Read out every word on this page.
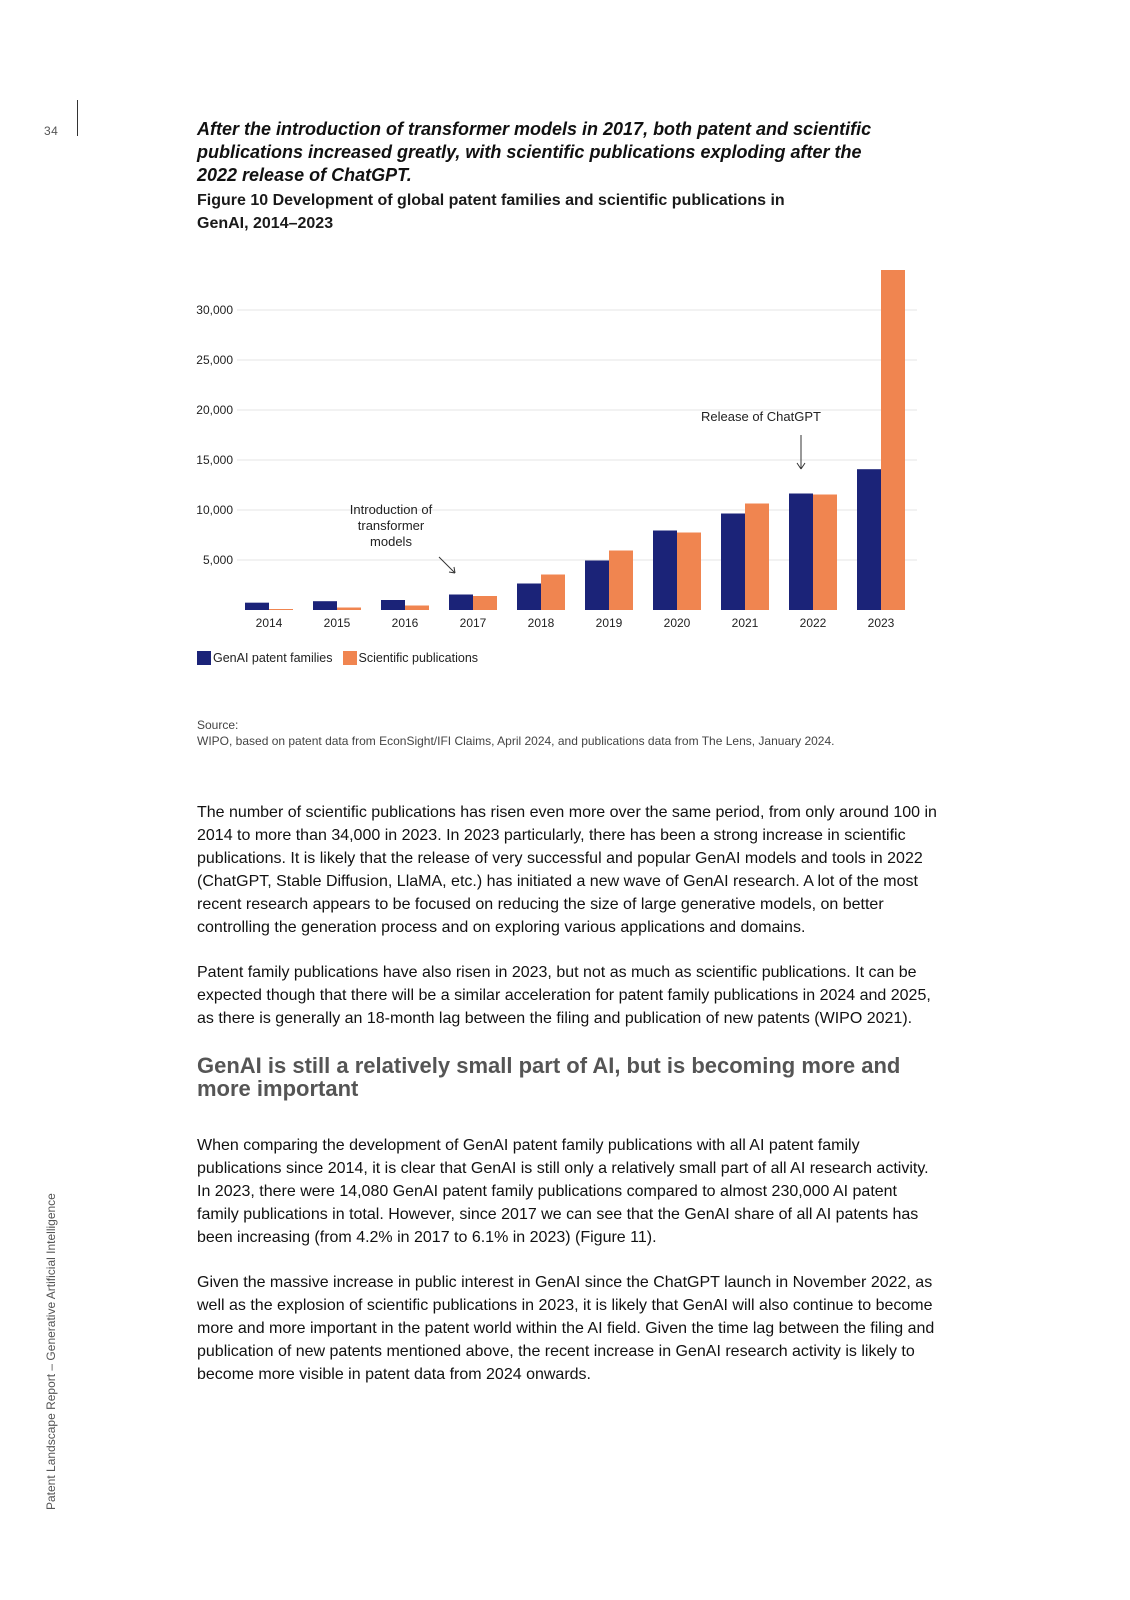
34
Patent Landscape Report – Generative Artificial Intelligence

After the introduction of transformer models in 2017, both patent and scientific publications increased greatly, with scientific publications exploding after the 2022 release of ChatGPT.

Figure 10 Development of global patent families and scientific publications in GenAI, 2014–2023

5,000
10,000
15,000
20,000
25,000
30,000
2014	2015	2016	2017	2018	2019	2020	2021	2022	2023
Introduction of
transformer
models
Release of ChatGPT
GenAI patent families Scientific publications
Source:
WIPO, based on patent data from EconSight/IFI Claims, April 2024, and publications data from The Lens, January 2024.

The number of scientific publications has risen even more over the same period, from only around 100 in 2014 to more than 34,000 in 2023. In 2023 particularly, there has been a strong increase in scientific publications. It is likely that the release of very successful and popular GenAI models and tools in 2022 (ChatGPT, Stable Diffusion, LlaMA, etc.) has initiated a new wave of GenAI research. A lot of the most recent research appears to be focused on reducing the size of large generative models, on better controlling the generation process and on exploring various applications and domains.

Patent family publications have also risen in 2023, but not as much as scientific publications. It can be expected though that there will be a similar acceleration for patent family publications in 2024 and 2025, as there is generally an 18-month lag between the filing and publication of new patents (WIPO 2021).

GenAI is still a relatively small part of AI, but is becoming more and more important

When comparing the development of GenAI patent family publications with all AI patent family publications since 2014, it is clear that GenAI is still only a relatively small part of all AI research activity. In 2023, there were 14,080 GenAI patent family publications compared to almost 230,000 AI patent family publications in total. However, since 2017 we can see that the GenAI share of all AI patents has been increasing (from 4.2% in 2017 to 6.1% in 2023) (Figure 11).

Given the massive increase in public interest in GenAI since the ChatGPT launch in November 2022, as well as the explosion of scientific publications in 2023, it is likely that GenAI will also continue to become more and more important in the patent world within the AI field. Given the time lag between the filing and publication of new patents mentioned above, the recent increase in GenAI research activity is likely to become more visible in patent data from 2024 onwards.
